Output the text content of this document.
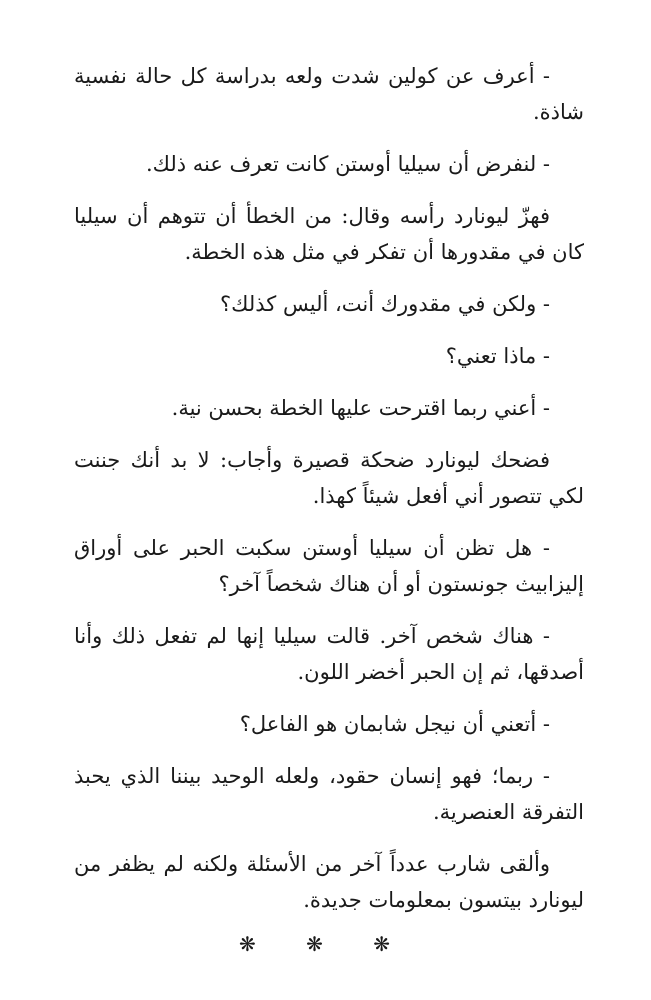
- أعرف عن كولين شدت ولعه بدراسة كل حالة نفسية شاذة.

- لنفرض أن سيليا أوستن كانت تعرف عنه ذلك.

فهزّ ليونارد رأسه وقال: من الخطأ أن تتوهم أن سيليا كان في مقدورها أن تفكر في مثل هذه الخطة.

- ولكن في مقدورك أنت، أليس كذلك؟

- ماذا تعني؟

- أعني ربما اقترحت عليها الخطة بحسن نية.

فضحك ليونارد ضحكة قصيرة وأجاب: لا بد أنك جننت لكي تتصور أني أفعل شيئاً كهذا.

- هل تظن أن سيليا أوستن سكبت الحبر على أوراق إليزابيث جونستون أو أن هناك شخصاً آخر؟

- هناك شخص آخر. قالت سيليا إنها لم تفعل ذلك وأنا أصدقها، ثم إن الحبر أخضر اللون.

- أتعني أن نيجل شابمان هو الفاعل؟

- ربما؛ فهو إنسان حقود، ولعله الوحيد بيننا الذي يحبذ التفرقة العنصرية.

وألقى شارب عدداً آخر من الأسئلة ولكنه لم يظفر من ليونارد بيتسون بمعلومات جديدة.

❋ ❋ ❋
